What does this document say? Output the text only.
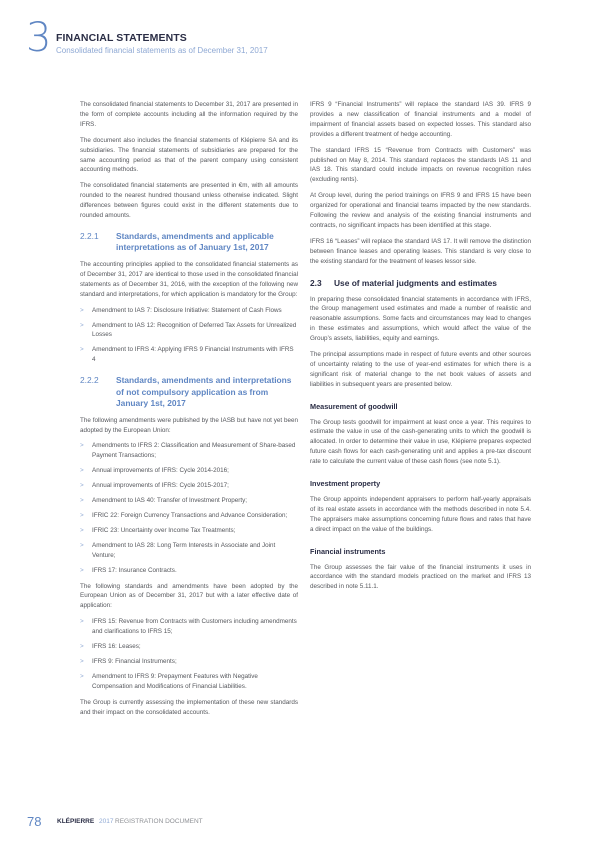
3 FINANCIAL STATEMENTS
Consolidated financial statements as of December 31, 2017

The consolidated financial statements to December 31, 2017 are presented in the form of complete accounts including all the information required by the IFRS.

The document also includes the financial statements of Klépierre SA and its subsidiaries. The financial statements of subsidiaries are prepared for the same accounting period as that of the parent company using consistent accounting methods.

The consolidated financial statements are presented in €m, with all amounts rounded to the nearest hundred thousand unless otherwise indicated. Slight differences between figures could exist in the different statements due to rounded amounts.

2.2.1	Standards, amendments and applicable interpretations as of January 1st, 2017

The accounting principles applied to the consolidated financial statements as of December 31, 2017 are identical to those used in the consolidated financial statements as of December 31, 2016, with the exception of the following new standard and interpretations, for which application is mandatory for the Group:

> Amendment to IAS 7: Disclosure Initiative: Statement of Cash Flows
> Amendment to IAS 12: Recognition of Deferred Tax Assets for Unrealized Losses
> Amendment to IFRS 4: Applying IFRS 9 Financial Instruments with IFRS 4
2.2.2	Standards, amendments and interpretations of not compulsory application as from January 1st, 2017

The following amendments were published by the IASB but have not yet been adopted by the European Union:

> Amendments to IFRS 2: Classification and Measurement of Share-based Payment Transactions;
> Annual improvements of IFRS: Cycle 2014-2016;
> Annual improvements of IFRS: Cycle 2015-2017;
> Amendment to IAS 40: Transfer of Investment Property;
> IFRIC 22: Foreign Currency Transactions and Advance Consideration;
> IFRIC 23: Uncertainty over Income Tax Treatments;
> Amendment to IAS 28: Long Term Interests in Associate and Joint Venture;
> IFRS 17: Insurance Contracts.

The following standards and amendments have been adopted by the European Union as of December 31, 2017 but with a later effective date of application:

> IFRS 15: Revenue from Contracts with Customers including amendments and clarifications to IFRS 15;
> IFRS 16: Leases;
> IFRS 9: Financial Instruments;
> Amendment to IFRS 9: Prepayment Features with Negative Compensation and Modifications of Financial Liabilities.

The Group is currently assessing the implementation of these new standards and their impact on the consolidated accounts.

IFRS 9 “Financial Instruments” will replace the standard IAS 39. IFRS 9 provides a new classification of financial instruments and a model of impairment of financial assets based on expected losses. This standard also provides a different treatment of hedge accounting.

The standard IFRS 15 “Revenue from Contracts with Customers” was published on May 8, 2014. This standard replaces the standards IAS 11 and IAS 18. This standard could include impacts on revenue recognition rules (excluding rents).

At Group level, during the period trainings on IFRS 9 and IFRS 15 have been organized for operational and financial teams impacted by the new standards. Following the review and analysis of the existing financial instruments and contracts, no significant impacts has been identified at this stage.

IFRS 16 “Leases” will replace the standard IAS 17. It will remove the distinction between finance leases and operating leases. This standard is very close to the existing standard for the treatment of leases lessor side.

2.3	Use of material judgments and estimates

In preparing these consolidated financial statements in accordance with IFRS, the Group management used estimates and made a number of realistic and reasonable assumptions. Some facts and circumstances may lead to changes in these estimates and assumptions, which would affect the value of the Group’s assets, liabilities, equity and earnings.

The principal assumptions made in respect of future events and other sources of uncertainty relating to the use of year-end estimates for which there is a significant risk of material change to the net book values of assets and liabilities in subsequent years are presented below.

Measurement of goodwill

The Group tests goodwill for impairment at least once a year. This requires to estimate the value in use of the cash-generating units to which the goodwill is allocated. In order to determine their value in use, Klépierre prepares expected future cash flows for each cash-generating unit and applies a pre-tax discount rate to calculate the current value of these cash flows (see note 5.1).

Investment property

The Group appoints independent appraisers to perform half-yearly appraisals of its real estate assets in accordance with the methods described in note 5.4. The appraisers make assumptions concerning future flows and rates that have a direct impact on the value of the buildings.

Financial instruments

The Group assesses the fair value of the financial instruments it uses in accordance with the standard models practiced on the market and IFRS 13 described in note 5.11.1.

78 KLÉPIERRE 2017 REGISTRATION DOCUMENT
